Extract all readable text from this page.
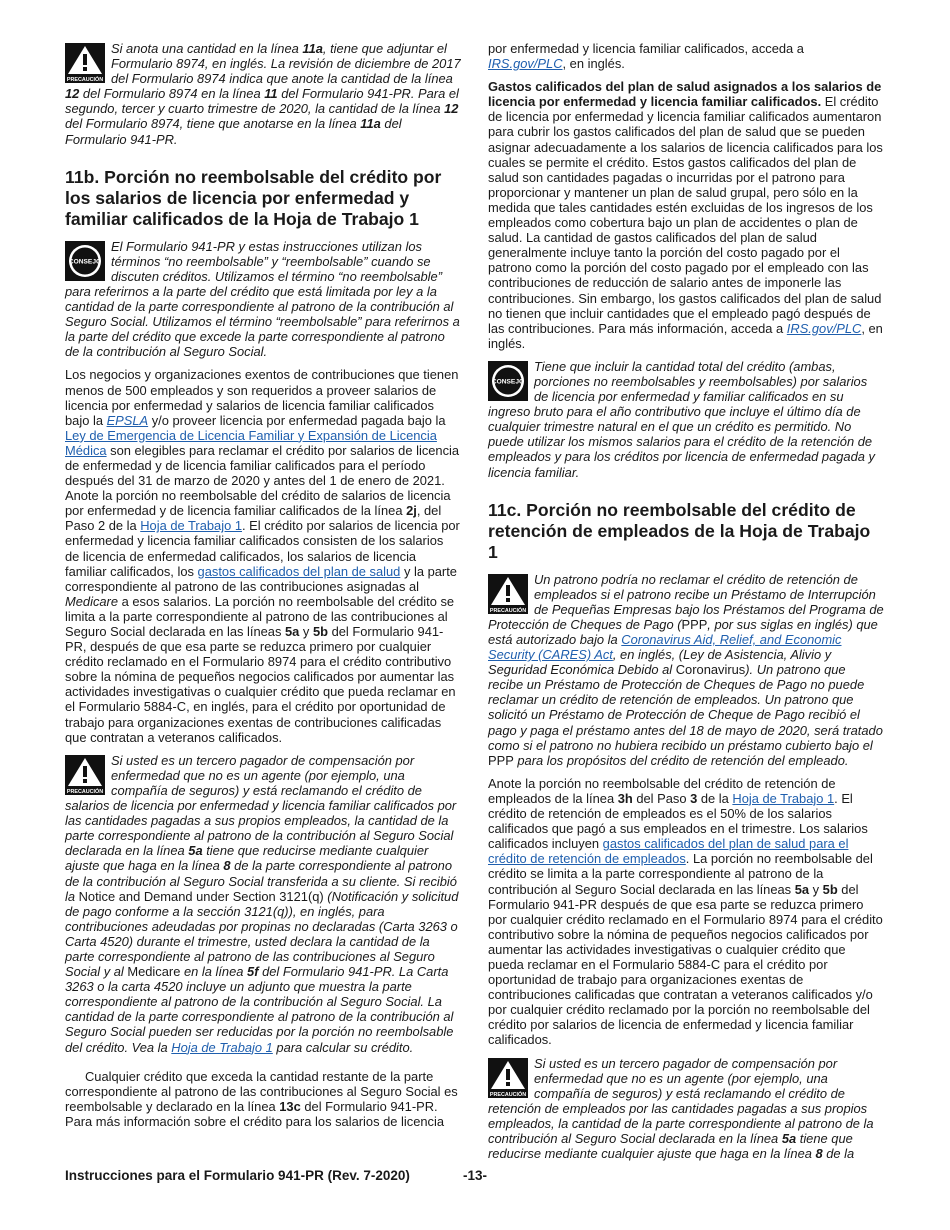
PRECAUCIÓN
Si anota una cantidad en la línea 11a, tiene que adjuntar el Formulario 8974, en inglés. La revisión de diciembre de 2017 del Formulario 8974 indica que anote la cantidad de la línea 12 del Formulario 8974 en la línea 11 del Formulario 941-PR. Para el segundo, tercer y cuarto trimestre de 2020, la cantidad de la línea 12 del Formulario 8974, tiene que anotarse en la línea 11a del Formulario 941-PR.
11b. Porción no reembolsable del crédito por los salarios de licencia por enfermedad y familiar calificados de la Hoja de Trabajo 1
CONSEJO
El Formulario 941-PR y estas instrucciones utilizan los términos “no reembolsable” y “reembolsable” cuando se discuten créditos. Utilizamos el término “no reembolsable” para referirnos a la parte del crédito que está limitada por ley a la cantidad de la parte correspondiente al patrono de la contribución al Seguro Social. Utilizamos el término “reembolsable” para referirnos a la parte del crédito que excede la parte correspondiente al patrono de la contribución al Seguro Social.

Los negocios y organizaciones exentos de contribuciones que tienen menos de 500 empleados y son requeridos a proveer salarios de licencia por enfermedad y salarios de licencia familiar calificados bajo la EPSLA y/o proveer licencia por enfermedad pagada bajo la Ley de Emergencia de Licencia Familiar y Expansión de Licencia Médica son elegibles para reclamar el crédito por salarios de licencia de enfermedad y de licencia familiar calificados para el período después del 31 de marzo de 2020 y antes del 1 de enero de 2021. Anote la porción no reembolsable del crédito de salarios de licencia por enfermedad y de licencia familiar calificados de la línea 2j, del Paso 2 de la Hoja de Trabajo 1. El crédito por salarios de licencia por enfermedad y licencia familiar calificados consisten de los salarios de licencia de enfermedad calificados, los salarios de licencia familiar calificados, los gastos calificados del plan de salud y la parte correspondiente al patrono de las contribuciones asignadas al Medicare a esos salarios. La porción no reembolsable del crédito se limita a la parte correspondiente al patrono de las contribuciones al Seguro Social declarada en las líneas 5a y 5b del Formulario 941-PR, después de que esa parte se reduzca primero por cualquier crédito reclamado en el Formulario 8974 para el crédito contributivo sobre la nómina de pequeños negocios calificados por aumentar las actividades investigativas o cualquier crédito que pueda reclamar en el Formulario 5884-C, en inglés, para el crédito por oportunidad de trabajo para organizaciones exentas de contribuciones calificadas que contratan a veteranos calificados.

PRECAUCIÓN
Si usted es un tercero pagador de compensación por enfermedad que no es un agente (por ejemplo, una compañía de seguros) y está reclamando el crédito de salarios de licencia por enfermedad y licencia familiar calificados por las cantidades pagadas a sus propios empleados, la cantidad de la parte correspondiente al patrono de la contribución al Seguro Social declarada en la línea 5a tiene que reducirse mediante cualquier ajuste que haga en la línea 8 de la parte correspondiente al patrono de la contribución al Seguro Social transferida a su cliente. Si recibió la Notice and Demand under Section 3121(q) (Notificación y solicitud de pago conforme a la sección 3121(q)), en inglés, para contribuciones adeudadas por propinas no declaradas (Carta 3263 o Carta 4520) durante el trimestre, usted declara la cantidad de la parte correspondiente al patrono de las contribuciones al Seguro Social y al Medicare en la línea 5f del Formulario 941-PR. La Carta 3263 o la carta 4520 incluye un adjunto que muestra la parte correspondiente al patrono de la contribución al Seguro Social. La cantidad de la parte correspondiente al patrono de la contribución al Seguro Social pueden ser reducidas por la porción no reembolsable del crédito. Vea la Hoja de Trabajo 1 para calcular su crédito.

Cualquier crédito que exceda la cantidad restante de la parte correspondiente al patrono de las contribuciones al Seguro Social es reembolsable y declarado en la línea 13c del Formulario 941-PR. Para más información sobre el crédito para los salarios de licencia

por enfermedad y licencia familiar calificados, acceda a IRS.gov/PLC, en inglés.

Gastos calificados del plan de salud asignados a los salarios de licencia por enfermedad y licencia familiar calificados. El crédito de licencia por enfermedad y licencia familiar calificados aumentaron para cubrir los gastos calificados del plan de salud que se pueden asignar adecuadamente a los salarios de licencia calificados para los cuales se permite el crédito. Estos gastos calificados del plan de salud son cantidades pagadas o incurridas por el patrono para proporcionar y mantener un plan de salud grupal, pero sólo en la medida que tales cantidades estén excluidas de los ingresos de los empleados como cobertura bajo un plan de accidentes o plan de salud. La cantidad de gastos calificados del plan de salud generalmente incluye tanto la porción del costo pagado por el patrono como la porción del costo pagado por el empleado con las contribuciones de reducción de salario antes de imponerle las contribuciones. Sin embargo, los gastos calificados del plan de salud no tienen que incluir cantidades que el empleado pagó después de las contribuciones. Para más información, acceda a IRS.gov/PLC, en inglés.

CONSEJO
Tiene que incluir la cantidad total del crédito (ambas, porciones no reembolsables y reembolsables) por salarios de licencia por enfermedad y familiar calificados en su ingreso bruto para el año contributivo que incluye el último día de cualquier trimestre natural en el que un crédito es permitido. No puede utilizar los mismos salarios para el crédito de la retención de empleados y para los créditos por licencia de enfermedad pagada y licencia familiar.
11c. Porción no reembolsable del crédito de retención de empleados de la Hoja de Trabajo 1
PRECAUCIÓN
Un patrono podría no reclamar el crédito de retención de empleados si el patrono recibe un Préstamo de Interrupción de Pequeñas Empresas bajo los Préstamos del Programa de Protección de Cheques de Pago (PPP, por sus siglas en inglés) que está autorizado bajo la Coronavirus Aid, Relief, and Economic Security (CARES) Act, en inglés, (Ley de Asistencia, Alivio y Seguridad Económica Debido al Coronavirus). Un patrono que recibe un Préstamo de Protección de Cheques de Pago no puede reclamar un crédito de retención de empleados. Un patrono que solicitó un Préstamo de Protección de Cheque de Pago recibió el pago y paga el préstamo antes del 18 de mayo de 2020, será tratado como si el patrono no hubiera recibido un préstamo cubierto bajo el PPP para los propósitos del crédito de retención del empleado.

Anote la porción no reembolsable del crédito de retención de empleados de la línea 3h del Paso 3 de la Hoja de Trabajo 1. El crédito de retención de empleados es el 50% de los salarios calificados que pagó a sus empleados en el trimestre. Los salarios calificados incluyen gastos calificados del plan de salud para el crédito de retención de empleados. La porción no reembolsable del crédito se limita a la parte correspondiente al patrono de la contribución al Seguro Social declarada en las líneas 5a y 5b del Formulario 941-PR después de que esa parte se reduzca primero por cualquier crédito reclamado en el Formulario 8974 para el crédito contributivo sobre la nómina de pequeños negocios calificados por aumentar las actividades investigativas o cualquier crédito que pueda reclamar en el Formulario 5884-C para el crédito por oportunidad de trabajo para organizaciones exentas de contribuciones calificadas que contratan a veteranos calificados y/o por cualquier crédito reclamado por la porción no reembolsable del crédito por salarios de licencia de enfermedad y licencia familiar calificados.

PRECAUCIÓN
Si usted es un tercero pagador de compensación por enfermedad que no es un agente (por ejemplo, una compañía de seguros) y está reclamando el crédito de retención de empleados por las cantidades pagadas a sus propios empleados, la cantidad de la parte correspondiente al patrono de la contribución al Seguro Social declarada en la línea 5a tiene que reducirse mediante cualquier ajuste que haga en la línea 8 de la
Instrucciones para el Formulario 941-PR (Rev. 7-2020)	-13-
